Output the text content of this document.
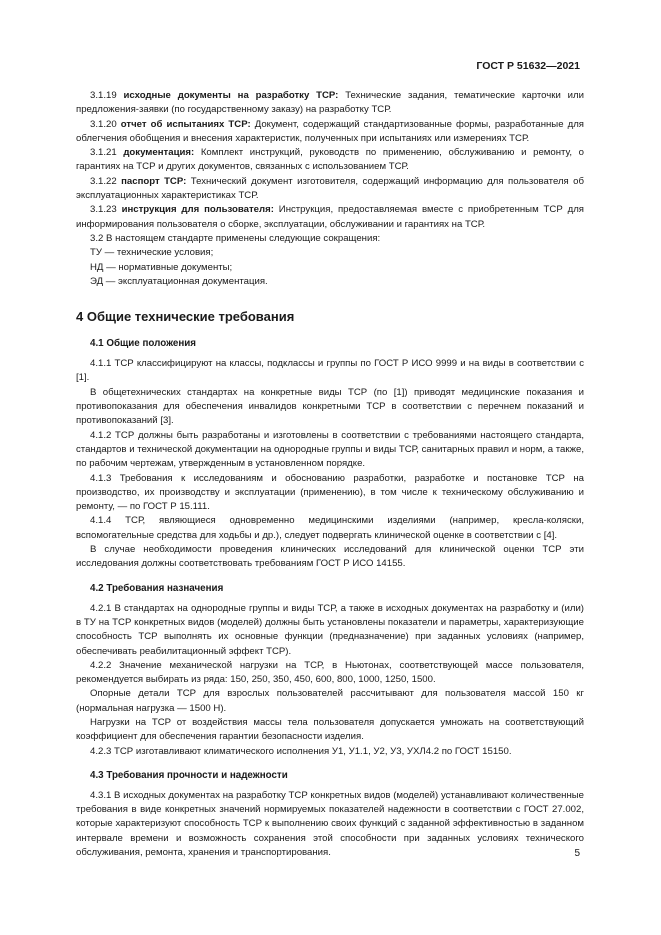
ГОСТ Р 51632—2021

3.1.19 исходные документы на разработку ТСР: Технические задания, тематические карточки или предложения-заявки (по государственному заказу) на разработку ТСР.

3.1.20 отчет об испытаниях ТСР: Документ, содержащий стандартизованные формы, разработанные для облегчения обобщения и внесения характеристик, полученных при испытаниях или измерениях ТСР.

3.1.21 документация: Комплект инструкций, руководств по применению, обслуживанию и ремонту, о гарантиях на ТСР и других документов, связанных с использованием ТСР.

3.1.22 паспорт ТСР: Технический документ изготовителя, содержащий информацию для пользователя об эксплуатационных характеристиках ТСР.

3.1.23 инструкция для пользователя: Инструкция, предоставляемая вместе с приобретенным ТСР для информирования пользователя о сборке, эксплуатации, обслуживании и гарантиях на ТСР.

3.2 В настоящем стандарте применены следующие сокращения:

ТУ — технические условия;

НД — нормативные документы;

ЭД — эксплуатационная документация.

4 Общие технические требования
4.1 Общие положения

4.1.1 ТСР классифицируют на классы, подклассы и группы по ГОСТ Р ИСО 9999 и на виды в соответствии с [1].

В общетехнических стандартах на конкретные виды ТСР (по [1]) приводят медицинские показания и противопоказания для обеспечения инвалидов конкретными ТСР в соответствии с перечнем показаний и противопоказаний [3].

4.1.2 ТСР должны быть разработаны и изготовлены в соответствии с требованиями настоящего стандарта, стандартов и технической документации на однородные группы и виды ТСР, санитарных правил и норм, а также, по рабочим чертежам, утвержденным в установленном порядке.

4.1.3 Требования к исследованиям и обоснованию разработки, разработке и постановке ТСР на производство, их производству и эксплуатации (применению), в том числе к техническому обслуживанию и ремонту, — по ГОСТ Р 15.111.

4.1.4 ТСР, являющиеся одновременно медицинскими изделиями (например, кресла-коляски, вспомогательные средства для ходьбы и др.), следует подвергать клинической оценке в соответствии с [4].

В случае необходимости проведения клинических исследований для клинической оценки ТСР эти исследования должны соответствовать требованиям ГОСТ Р ИСО 14155.

4.2 Требования назначения

4.2.1 В стандартах на однородные группы и виды ТСР, а также в исходных документах на разработку и (или) в ТУ на ТСР конкретных видов (моделей) должны быть установлены показатели и параметры, характеризующие способность ТСР выполнять их основные функции (предназначение) при заданных условиях (например, обеспечивать реабилитационный эффект ТСР).

4.2.2 Значение механической нагрузки на ТСР, в Ньютонах, соответствующей массе пользователя, рекомендуется выбирать из ряда: 150, 250, 350, 450, 600, 800, 1000, 1250, 1500.

Опорные детали ТСР для взрослых пользователей рассчитывают для пользователя массой 150 кг (нормальная нагрузка — 1500 Н).

Нагрузки на ТСР от воздействия массы тела пользователя допускается умножать на соответствующий коэффициент для обеспечения гарантии безопасности изделия.

4.2.3 ТСР изготавливают климатического исполнения У1, У1.1, У2, У3, УХЛ4.2 по ГОСТ 15150.

4.3 Требования прочности и надежности

4.3.1 В исходных документах на разработку ТСР конкретных видов (моделей) устанавливают количественные требования в виде конкретных значений нормируемых показателей надежности в соответствии с ГОСТ 27.002, которые характеризуют способность ТСР к выполнению своих функций с заданной эффективностью в заданном интервале времени и возможность сохранения этой способности при заданных условиях технического обслуживания, ремонта, хранения и транспортирования.	5
